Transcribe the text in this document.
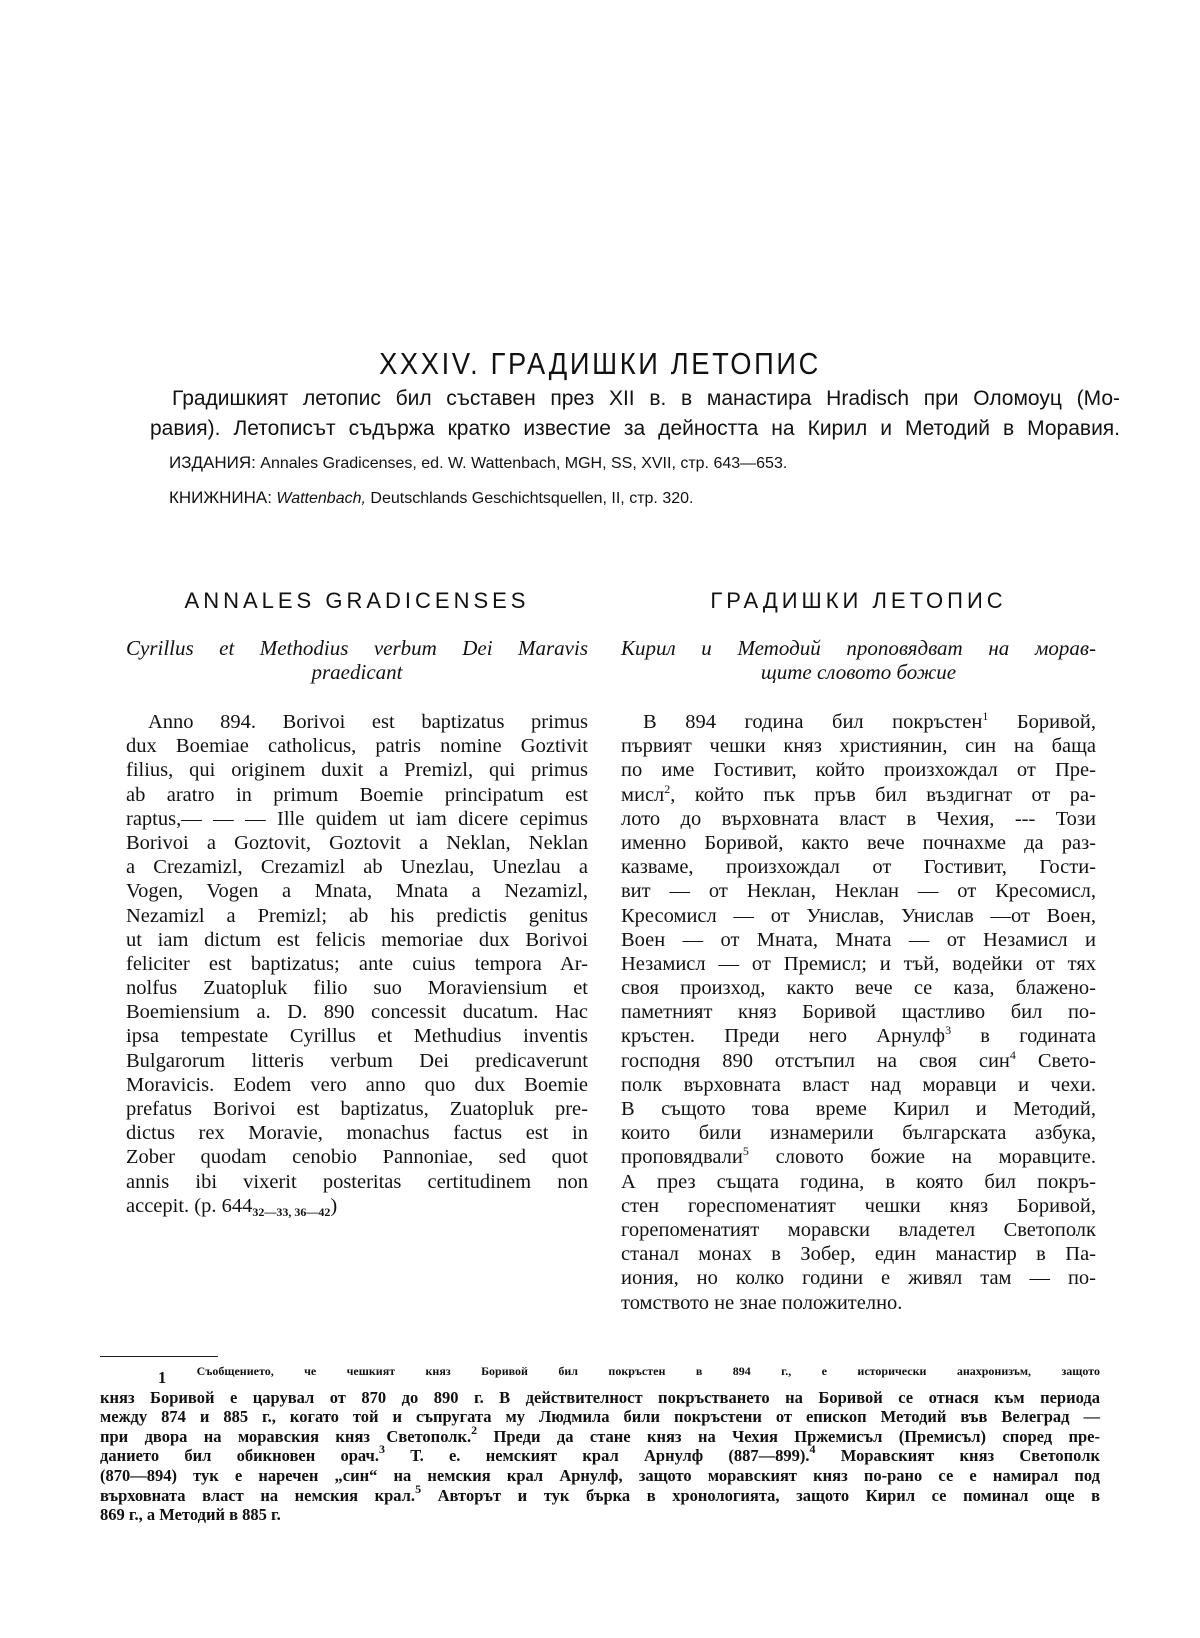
XXXIV. ГРАДИШКИ ЛЕТОПИС
Градишкият летопис бил съставен през XII в. в манастира Hradisch при Оломоуц (Мо-
равия). Летописът съдържа кратко известие за дейността на Кирил и Методий в Моравия.
ИЗДАНИЯ: Annales Gradicenses, ed. W. Wattenbach, MGH, SS, XVII, стр. 643—653.
КНИЖНИНА: Wattenbach, Deutschlands Geschichtsquellen, II, стр. 320.
ANNALES GRADICENSES
Cyrillus et Methodius verbum Dei Maravis
praedicant
Anno 894. Borivoi est baptizatus primus
dux Boemiae catholicus, patris nomine Goztivit
filius, qui originem duxit a Premizl, qui primus
ab aratro in primum Boemie principatum est
raptus,— — — Ille quidem ut iam dicere cepimus
Borivoi a Goztovit, Goztovit a Neklan, Neklan
a Crezamizl, Crezamizl ab Unezlau, Unezlau a
Vogen, Vogen a Mnata, Mnata a Nezamizl,
Nezamizl a Premizl; ab his predictis genitus
ut iam dictum est felicis memoriae dux Borivoi
feliciter est baptizatus; ante cuius tempora Ar-
nolfus Zuatopluk filio suo Moraviensium et
Boemiensium a. D. 890 concessit ducatum. Hac
ipsa tempestate Cyrillus et Methudius inventis
Bulgarorum litteris verbum Dei predicaverunt
Moravicis. Eodem vero anno quo dux Boemie
prefatus Borivoi est baptizatus, Zuatopluk pre-
dictus rex Moravie, monachus factus est in
Zober quodam cenobio Pannoniae, sed quot
annis ibi vixerit posteritas certitudinem non
accepit. (p. $644_{32—33, 36—42}$)
ГРАДИШКИ ЛЕТОПИС
Кирил и Методий проповядват на морав-
щите словото божие
В 894 година бил покръстен$^1$ Боривой,
първият чешки княз християнин, син на баща
по име Гостивит, който произхождал от Пре-
мисл$^2$, който пък пръв бил въздигнат от ра-
лото до върховната власт в Чехия, --- Този
именно Боривой, както вече почнахме да раз-
казваме, произхождал от Гостивит, Гости-
вит — от Неклан, Неклан — от Кресомисл,
Кресомисл — от Унислав, Унислав —от Воен,
Воен — от Мната, Мната — от Незамисл и
Незамисл — от Премисл; и тъй, водейки от тях
своя произход, както вече се каза, блажено-
паметният княз Боривой щастливо бил по-
кръстен. Преди него Арнулф$^3$ в годината
господня 890 отстъпил на своя син$^4$ Свето-
полк върховната власт над моравци и чехи.
В същото това време Кирил и Методий,
които били изнамерили българската азбука,
проповядвали$^5$ словото божие на моравците.
А през същата година, в която бил покръ-
стен гореспоменатият чешки княз Боривой,
горепоменатият моравски владетел Светополк
станал монах в Зобер, един манастир в Па-
иония, но колко години е живял там — по-
томството не знае положително.
1 $^{Съобщението, че чешкият княз Боривой бил покръстен в 894 г., е исторически анахронизъм, защото}$
княз Боривой е царувал от 870 до 890 г. В действителност покръстването на Боривой се отнася към периода
между 874 и 885 г., когато той и съпругата му Людмила били покръстени от епископ Методий във Велеград —
при двора на моравския княз Светополк.$^2$ Преди да стане княз на Чехия Пржемисъл (Премисъл) според пре-
данието бил обикновен орач.$^3$ Т. е. немският крал Арнулф (887—899).$^4$ Моравският княз Светополк
(870—894) тук е наречен „син“ на немския крал Арнулф, защото моравският княз по-рано се е намирал под
върховната власт на немския крал.$^5$ Авторът и тук бърка в хронологията, защото Кирил се поминал още в
869 г., а Методий в 885 г.
